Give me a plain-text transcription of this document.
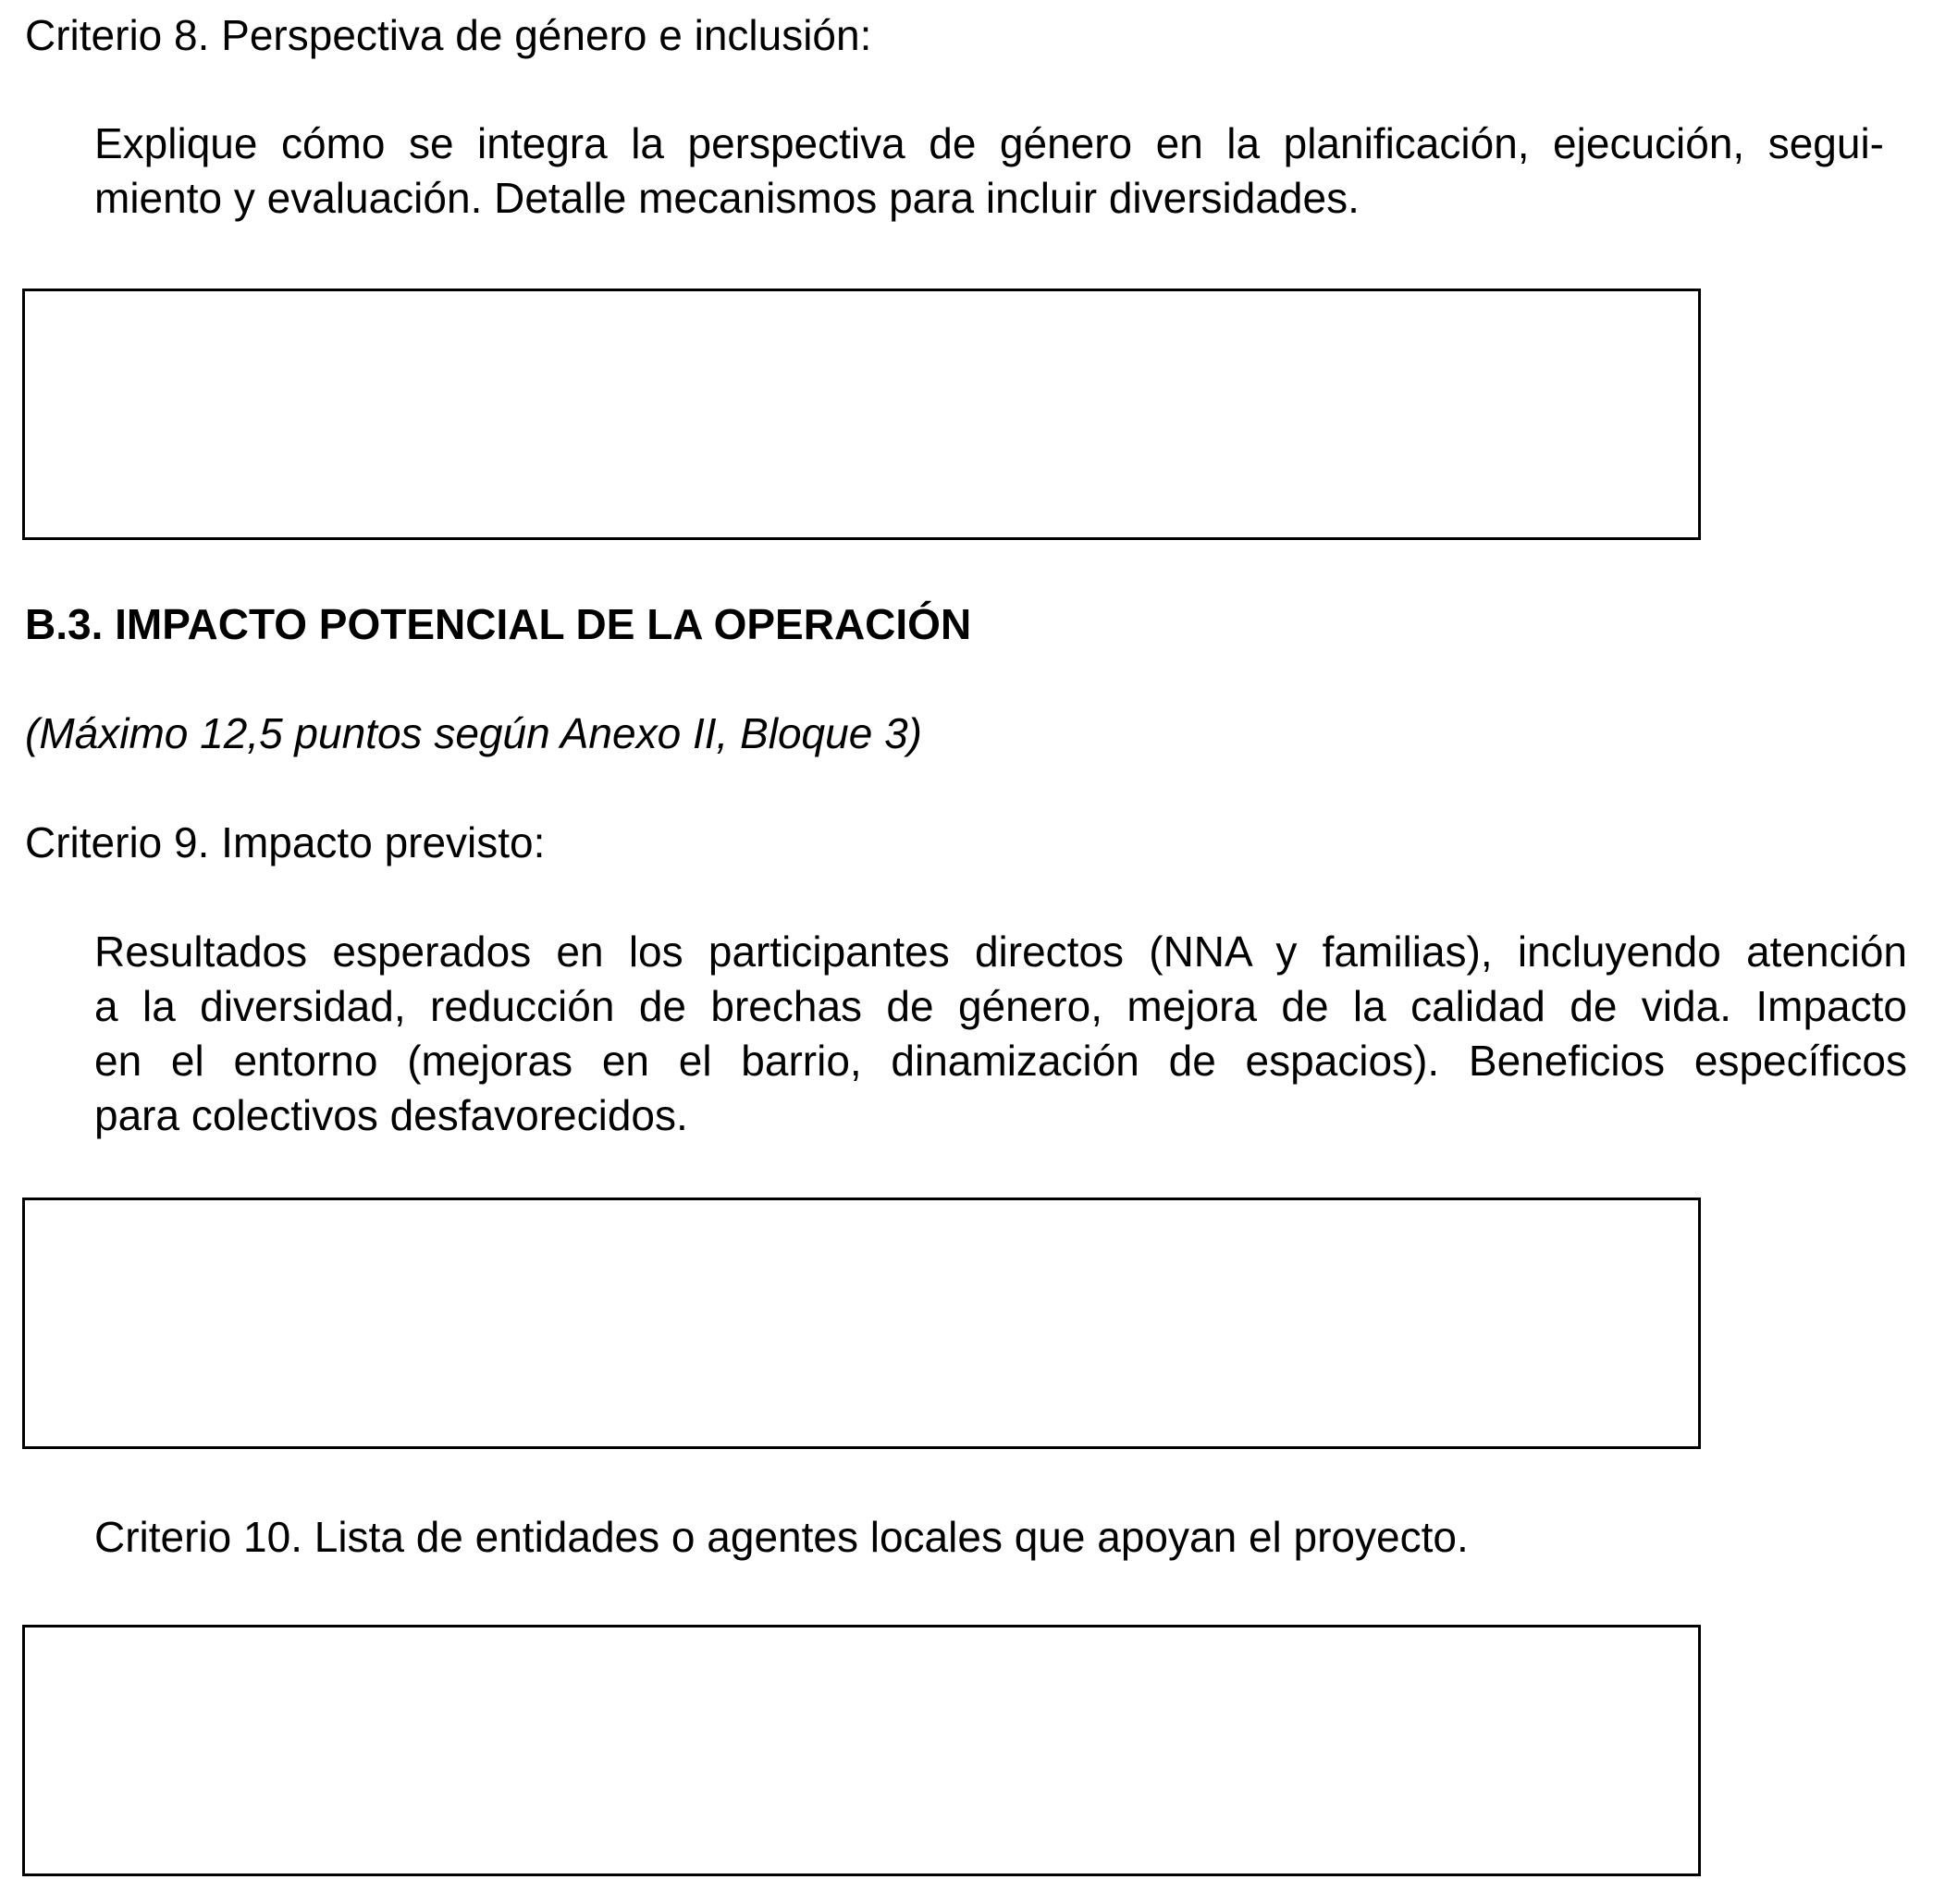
Criterio 8. Perspectiva de género e inclusión:
Explique cómo se integra la perspectiva de género en la planificación, ejecución, segui-
miento y evaluación. Detalle mecanismos para incluir diversidades.
B.3. IMPACTO POTENCIAL DE LA OPERACIÓN
(Máximo 12,5 puntos según Anexo II, Bloque 3)
Criterio 9. Impacto previsto:
Resultados esperados en los participantes directos (NNA y familias), incluyendo atención
a la diversidad, reducción de brechas de género, mejora de la calidad de vida. Impacto
en el entorno (mejoras en el barrio, dinamización de espacios). Beneficios específicos
para colectivos desfavorecidos.
Criterio 10. Lista de entidades o agentes locales que apoyan el proyecto.
